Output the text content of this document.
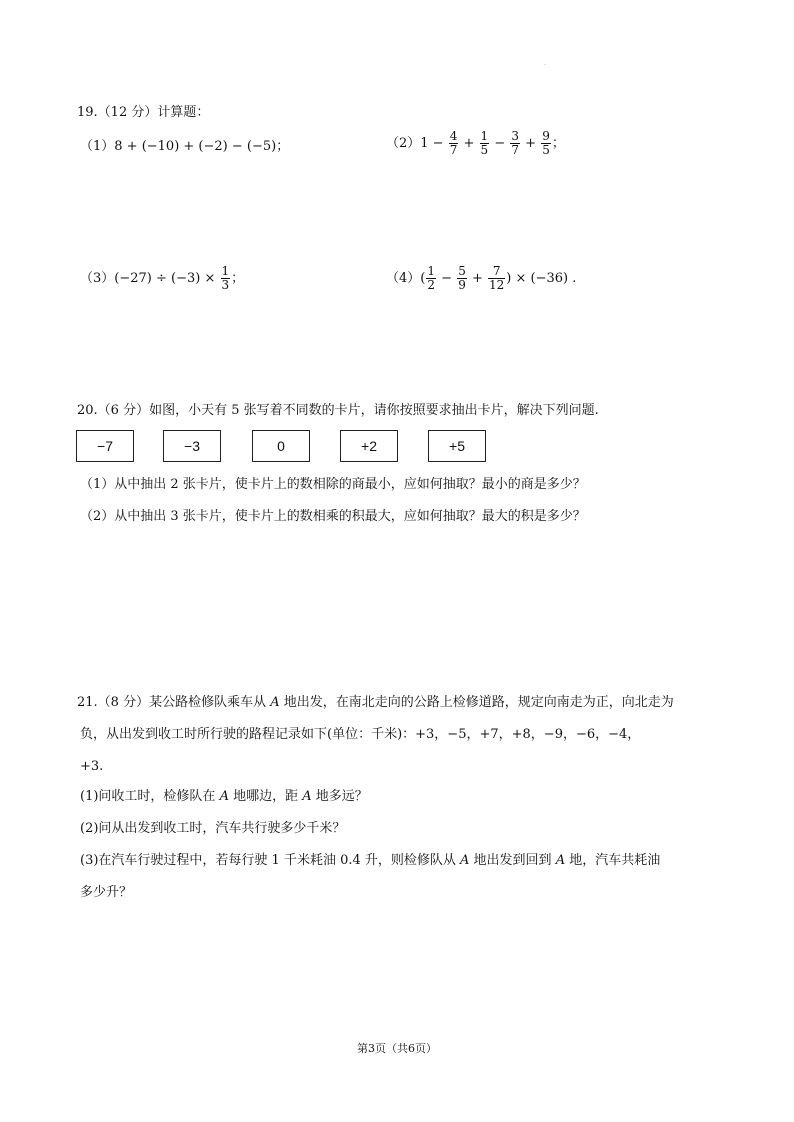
·
19.（12 分）计算题：
（1）8 + (−10) + (−2) − (−5)；	$(2)1 - \frac{4}{7} + \frac{1}{5} - \frac{3}{7} + \frac{9}{5}$ ；
$(3)(-27) \div (-3) \times \frac{1}{3}$ ；	$(4)( \frac{1}{2} - \frac{5}{9} + \frac{7}{12}$ ) × (−36) .
20.（6 分）如图，小天有 5 张写着不同数的卡片，请你按照要求抽出卡片，解决下列问题.
−7	−3	0	+2	+5
（1）从中抽出 2 张卡片，使卡片上的数相除的商最小，应如何抽取？最小的商是多少？
（2）从中抽出 3 张卡片，使卡片上的数相乘的积最大，应如何抽取？最大的积是多少？
21.（8 分）某公路检修队乘车从 A 地出发，在南北走向的公路上检修道路，规定向南走为正，向北走为
负，从出发到收工时所行驶的路程记录如下(单位：千米)：+3，−5，+7，+8，−9，−6，−4，
+3.
(1)问收工时，检修队在 A 地哪边，距 A 地多远？
(2)问从出发到收工时，汽车共行驶多少千米？
(3)在汽车行驶过程中，若每行驶 1 千米耗油 0.4 升，则检修队从 A 地出发到回到 A 地，汽车共耗油
多少升？
第3页（共6页）
